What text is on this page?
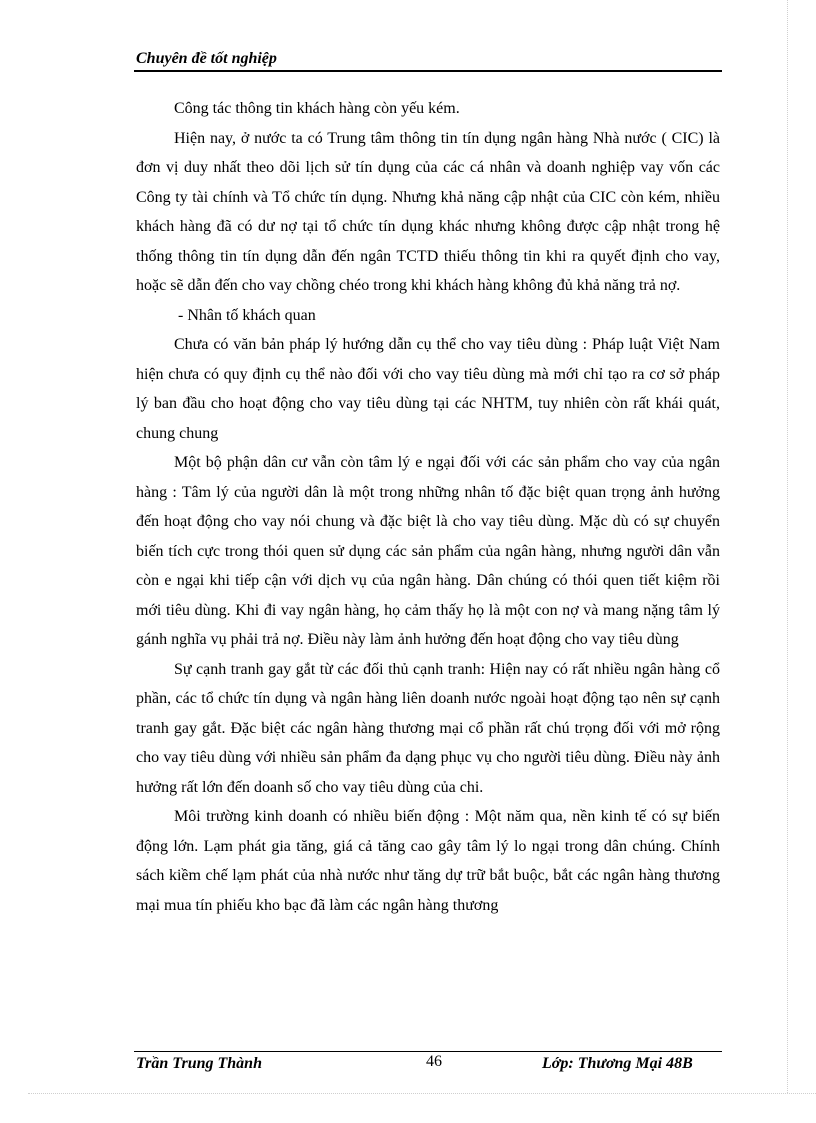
Chuyên đề tốt nghiệp

Công tác thông tin khách hàng còn yếu kém.

Hiện nay, ở nước ta có Trung tâm thông tin tín dụng ngân hàng Nhà nước ( CIC) là đơn vị duy nhất theo dõi lịch sử tín dụng của các cá nhân và doanh nghiệp vay vốn các Công ty tài chính và Tổ chức tín dụng. Nhưng khả năng cập nhật của CIC còn kém, nhiều khách hàng đã có dư nợ tại tổ chức tín dụng khác nhưng không được cập nhật trong hệ thống thông tin tín dụng dẫn đến ngân TCTD thiếu thông tin khi ra quyết định cho vay, hoặc sẽ dẫn đến cho vay chồng chéo trong khi khách hàng không đủ khả năng trả nợ.

- Nhân tố khách quan

Chưa có văn bản pháp lý hướng dẫn cụ thể cho vay tiêu dùng : Pháp luật Việt Nam hiện chưa có quy định cụ thể nào đối với cho vay tiêu dùng mà mới chỉ tạo ra cơ sở pháp lý ban đầu cho hoạt động cho vay tiêu dùng tại các NHTM, tuy nhiên còn rất khái quát, chung chung

Một bộ phận dân cư vẫn còn tâm lý e ngại đối với các sản phẩm cho vay của ngân hàng : Tâm lý của người dân là một trong những nhân tố đặc biệt quan trọng ảnh hưởng đến hoạt động cho vay nói chung và đặc biệt là cho vay tiêu dùng. Mặc dù có sự chuyển biến tích cực trong thói quen sử dụng các sản phẩm của ngân hàng, nhưng người dân vẫn còn e ngại khi tiếp cận với dịch vụ của ngân hàng. Dân chúng có thói quen tiết kiệm rồi mới tiêu dùng. Khi đi vay ngân hàng, họ cảm thấy họ là một con nợ và mang nặng tâm lý gánh nghĩa vụ phải trả nợ. Điều này làm ảnh hưởng đến hoạt động cho vay tiêu dùng

Sự cạnh tranh gay gắt từ các đối thủ cạnh tranh: Hiện nay có rất nhiều ngân hàng cổ phần, các tổ chức tín dụng và ngân hàng liên doanh nước ngoài hoạt động tạo nên sự cạnh tranh gay gắt. Đặc biệt các ngân hàng thương mại cổ phần rất chú trọng đối với mở rộng cho vay tiêu dùng với nhiều sản phẩm đa dạng phục vụ cho người tiêu dùng. Điều này ảnh hưởng rất lớn đến doanh số cho vay tiêu dùng của chi.

Môi trường kinh doanh có nhiều biến động : Một năm qua, nền kinh tế có sự biến động lớn. Lạm phát gia tăng, giá cả tăng cao gây tâm lý lo ngại trong dân chúng. Chính sách kiềm chế lạm phát của nhà nước như tăng dự trữ bắt buộc, bắt các ngân hàng thương mại mua tín phiếu kho bạc đã làm các ngân hàng thương

Trần Trung Thành	46	Lớp: Thương Mại 48B
